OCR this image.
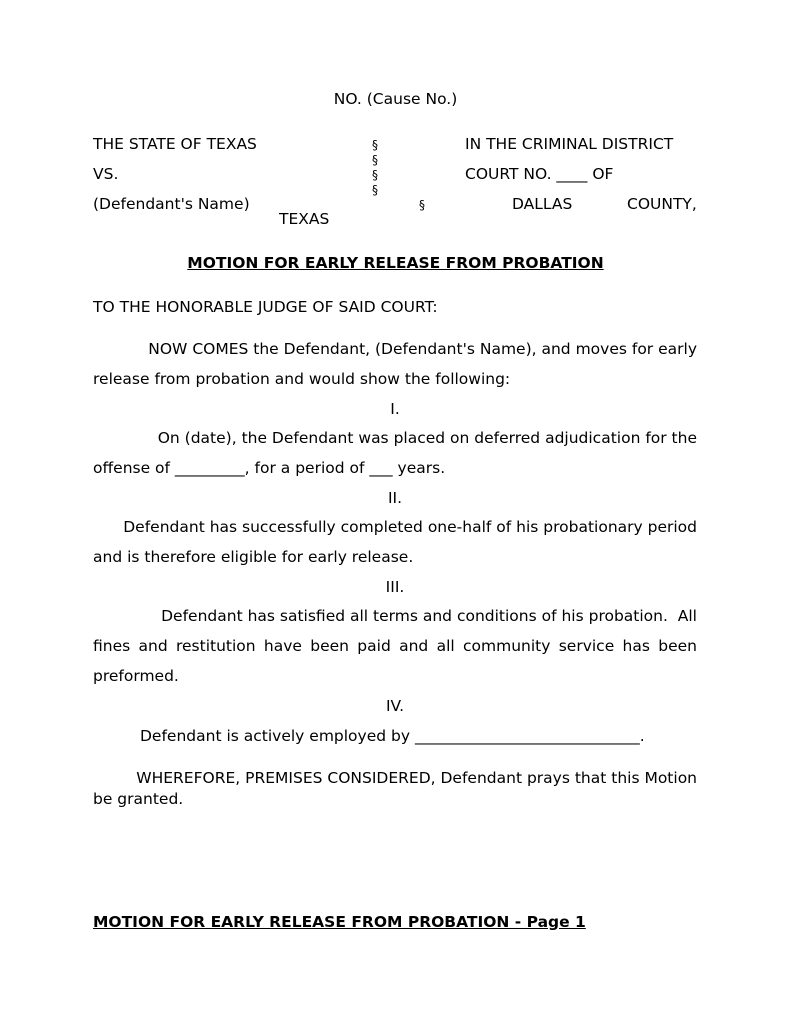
NO. (Cause No.)
THE STATE OF TEXAS
VS.
(Defendant's Name)
§
§
§
§
§
IN THE CRIMINAL DISTRICT
COURT NO. ____ OF
DALLAS	COUNTY,
TEXAS
MOTION FOR EARLY RELEASE FROM PROBATION
TO THE HONORABLE JUDGE OF SAID COURT:
NOW COMES the Defendant, (Defendant's Name), and moves for early
release from probation and would show the following:
I.
On (date), the Defendant was placed on deferred adjudication for the
offense of _________, for a period of ___ years.
II.
Defendant has successfully completed one-half of his probationary period
and is therefore eligible for early release.
III.
Defendant has satisfied all terms and conditions of his probation.  All
fines and restitution have been paid and all community service has been
preformed.
IV.
Defendant is actively employed by _____________________________.
WHEREFORE, PREMISES CONSIDERED, Defendant prays that this Motion
be granted.
MOTION FOR EARLY RELEASE FROM PROBATION - Page 1
